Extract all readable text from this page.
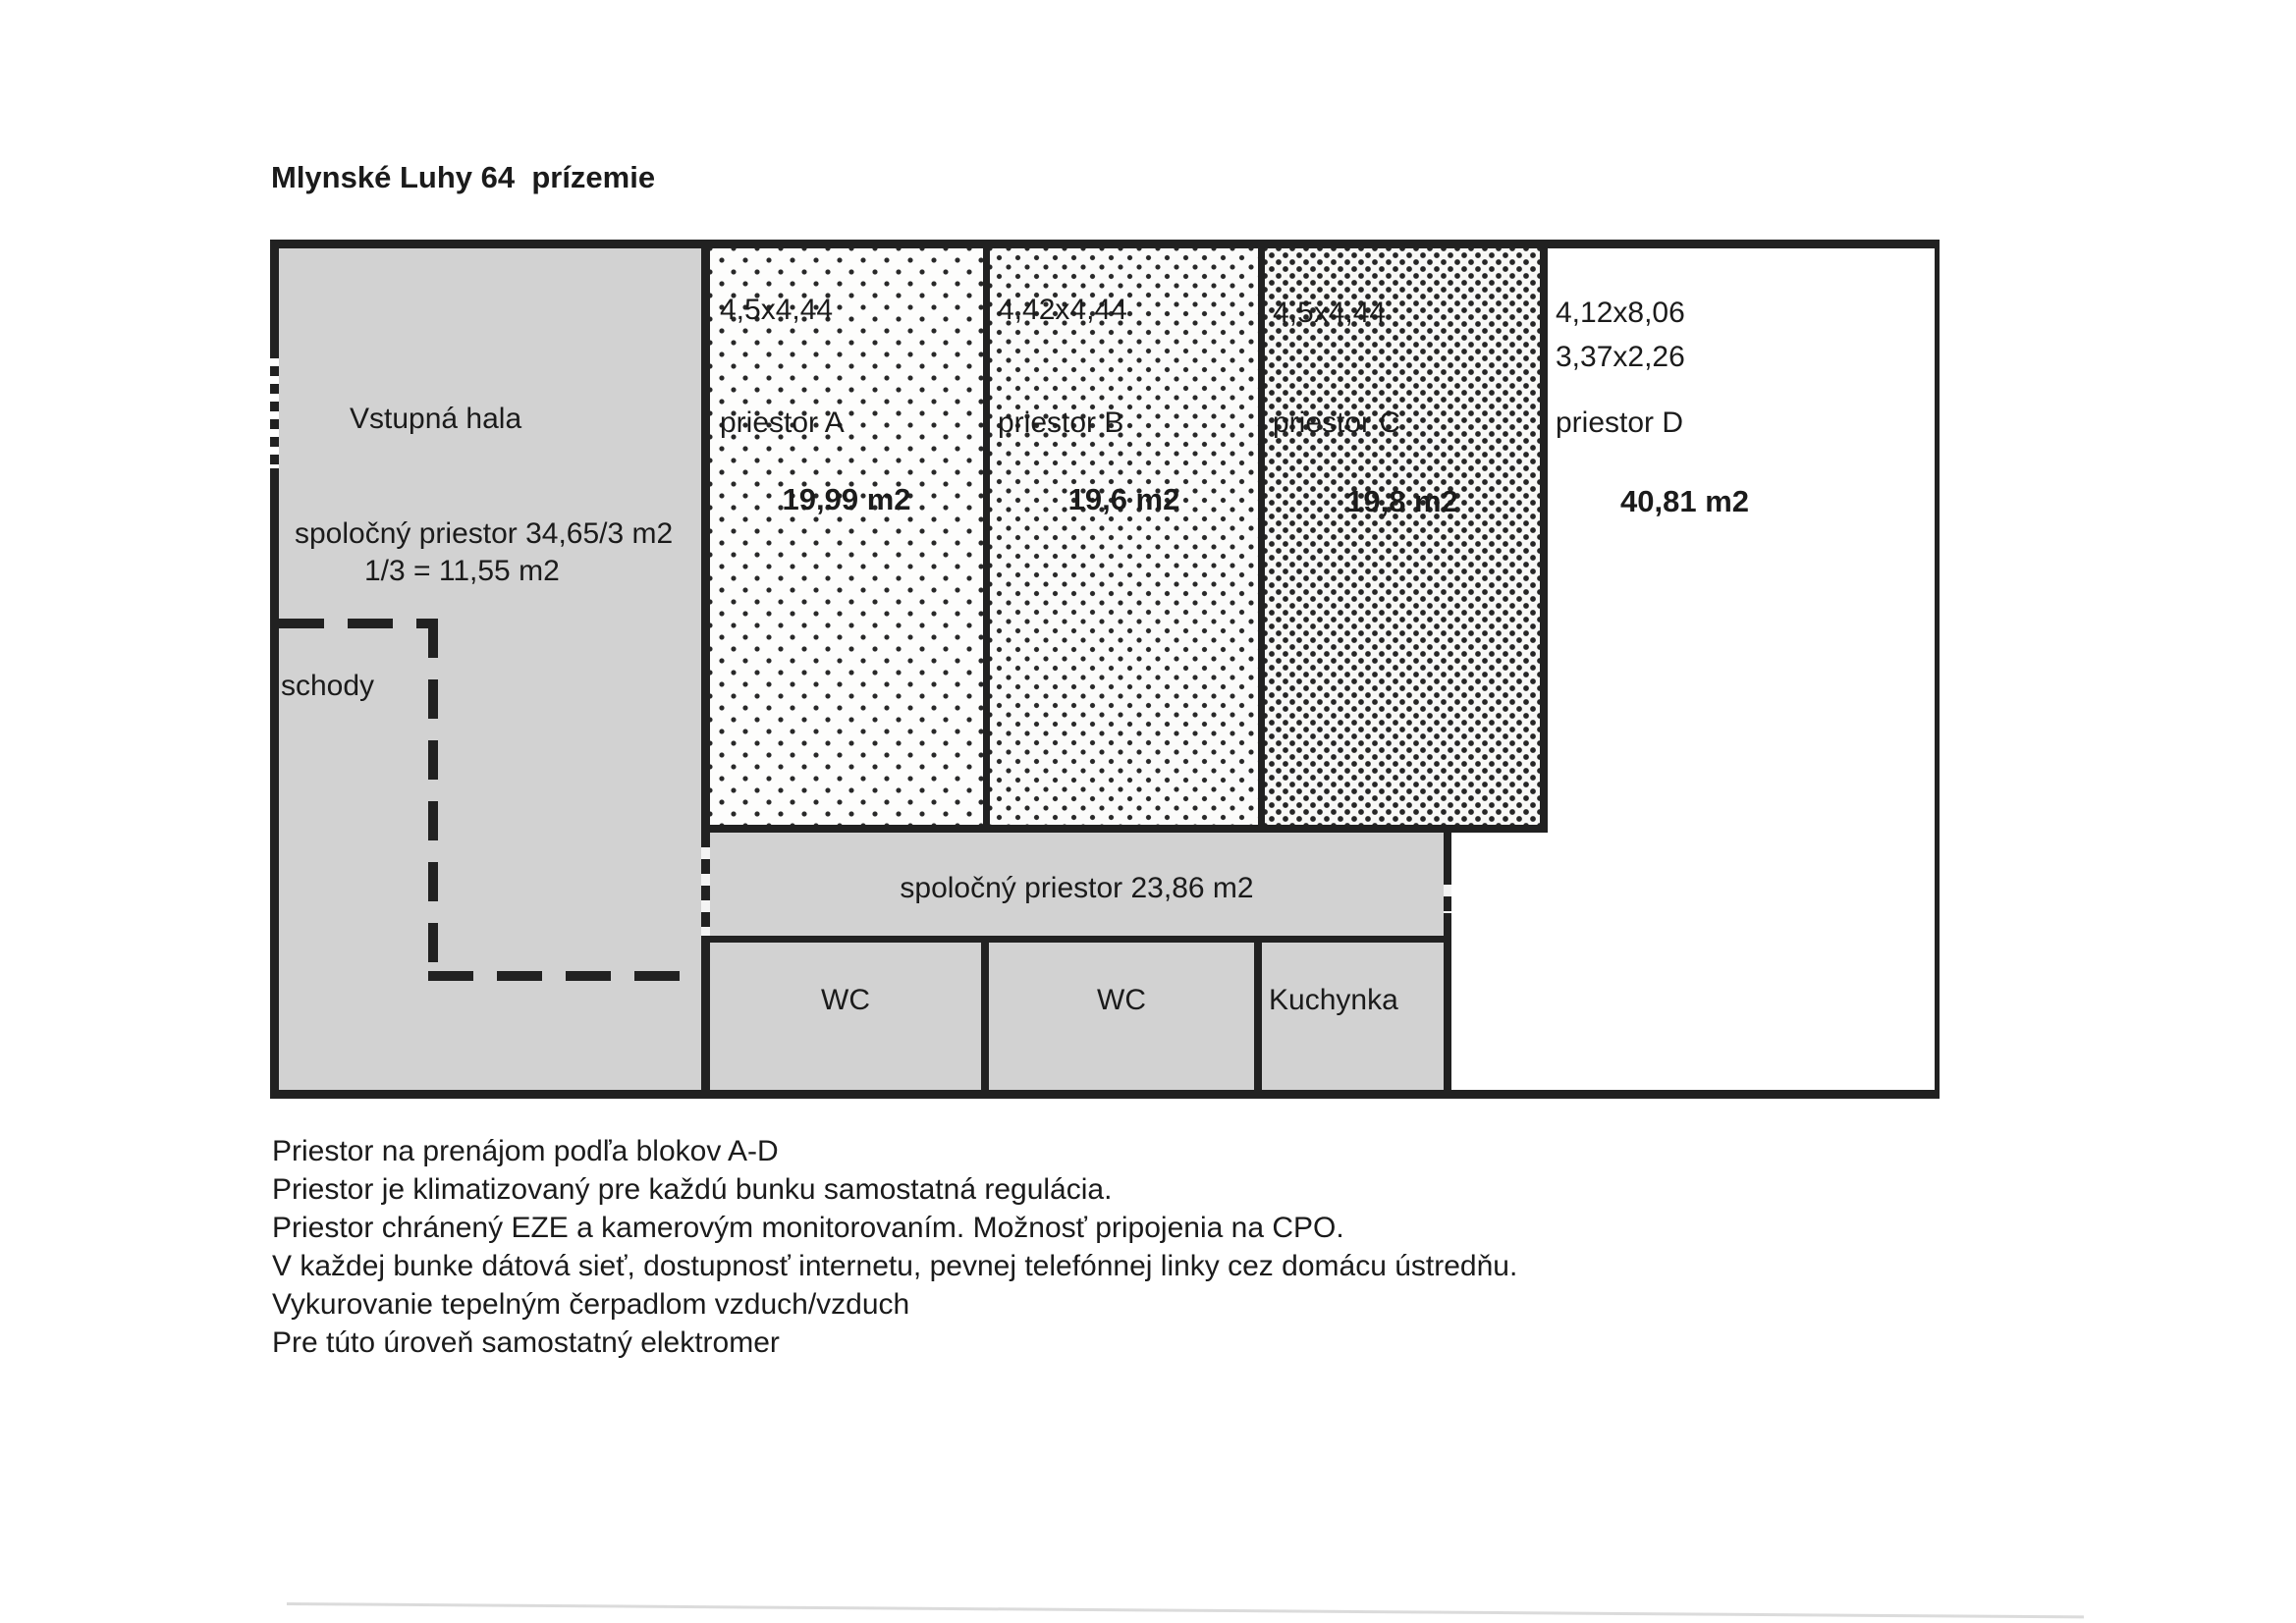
Mlynské Luhy 64  prízemie
Vstupná hala
spoločný priestor 34,65/3 m2
1/3 = 11,55 m2
schody
4,5x4,44
priestor A
19,99 m2
4,42x4,44
priestor B
19,6 m2
4,5x4,44
priestor C
19,8 m2
4,12x8,06
3,37x2,26
priestor D
40,81 m2
spoločný priestor 23,86 m2
WC	WC	Kuchynka
Priestor na prenájom podľa blokov A-D
Priestor je klimatizovaný pre každú bunku samostatná regulácia.
Priestor chránený EZE a kamerovým monitorovaním. Možnosť pripojenia na CPO.
V každej bunke dátová sieť, dostupnosť internetu, pevnej telefónnej linky cez domácu ústredňu.
Vykurovanie tepelným čerpadlom vzduch/vzduch
Pre túto úroveň samostatný elektromer
